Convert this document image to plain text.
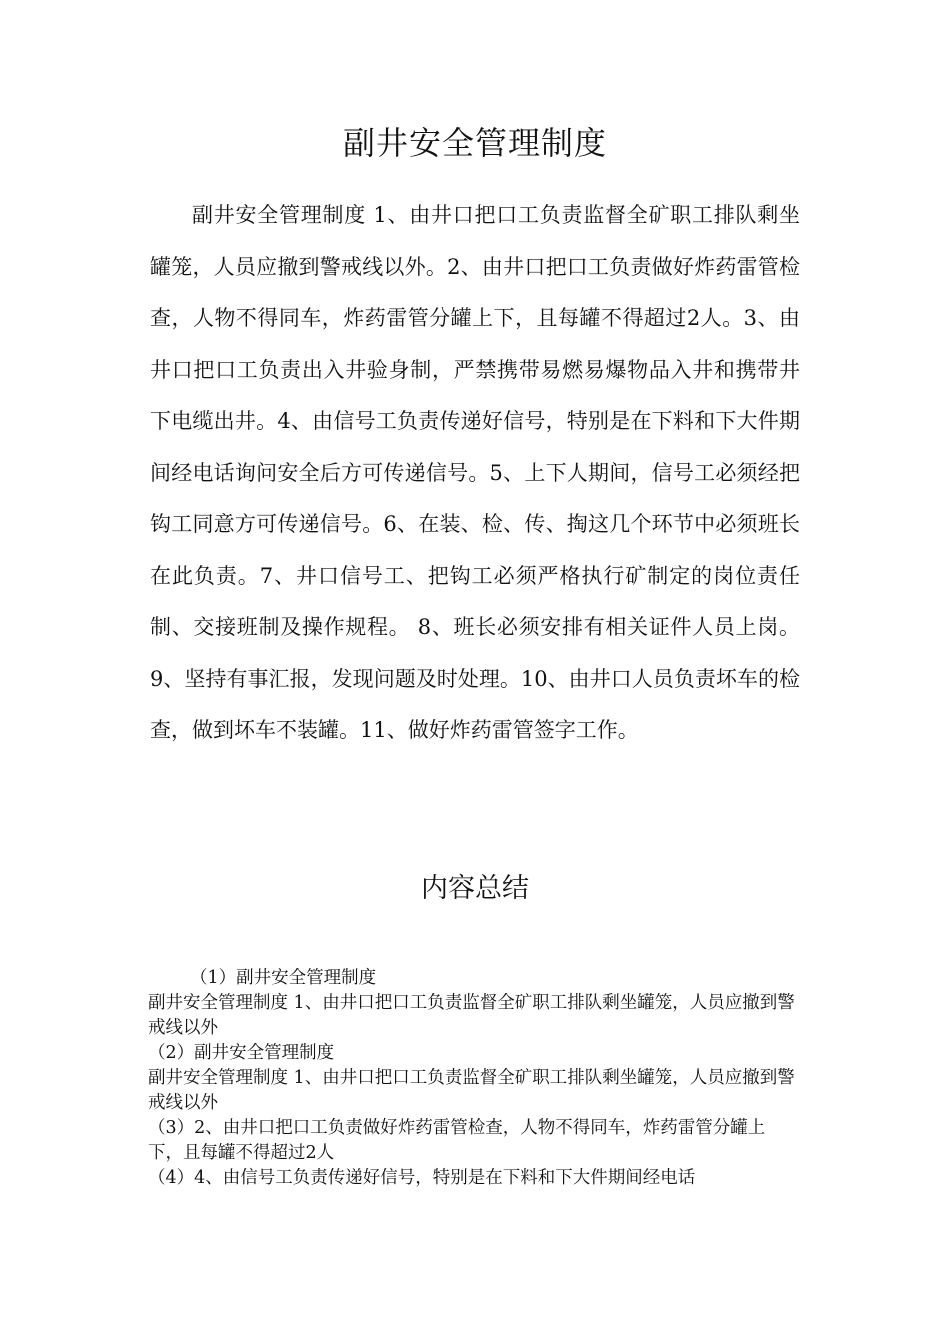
副井安全管理制度

副井安全管理制度 1、由井口把口工负责监督全矿职工排队剩坐罐笼，人员应撤到警戒线以外。2、由井口把口工负责做好炸药雷管检查，人物不得同车，炸药雷管分罐上下，且每罐不得超过2人。3、由井口把口工负责出入井验身制，严禁携带易燃易爆物品入井和携带井下电缆出井。4、由信号工负责传递好信号，特别是在下料和下大件期间经电话询问安全后方可传递信号。5、上下人期间，信号工必须经把钩工同意方可传递信号。6、在装、检、传、掏这几个环节中必须班长在此负责。7、井口信号工、把钩工必须严格执行矿制定的岗位责任制、交接班制及操作规程。 8、班长必须安排有相关证件人员上岗。 9、坚持有事汇报，发现问题及时处理。10、由井口人员负责坏车的检查，做到坏车不装罐。11、做好炸药雷管签字工作。

内容总结

（1）副井安全管理制度

副井安全管理制度 1、由井口把口工负责监督全矿职工排队剩坐罐笼，人员应撤到警戒线以外

（2）副井安全管理制度

副井安全管理制度 1、由井口把口工负责监督全矿职工排队剩坐罐笼，人员应撤到警戒线以外

（3）2、由井口把口工负责做好炸药雷管检查，人物不得同车，炸药雷管分罐上下，且每罐不得超过2人

（4）4、由信号工负责传递好信号，特别是在下料和下大件期间经电话
